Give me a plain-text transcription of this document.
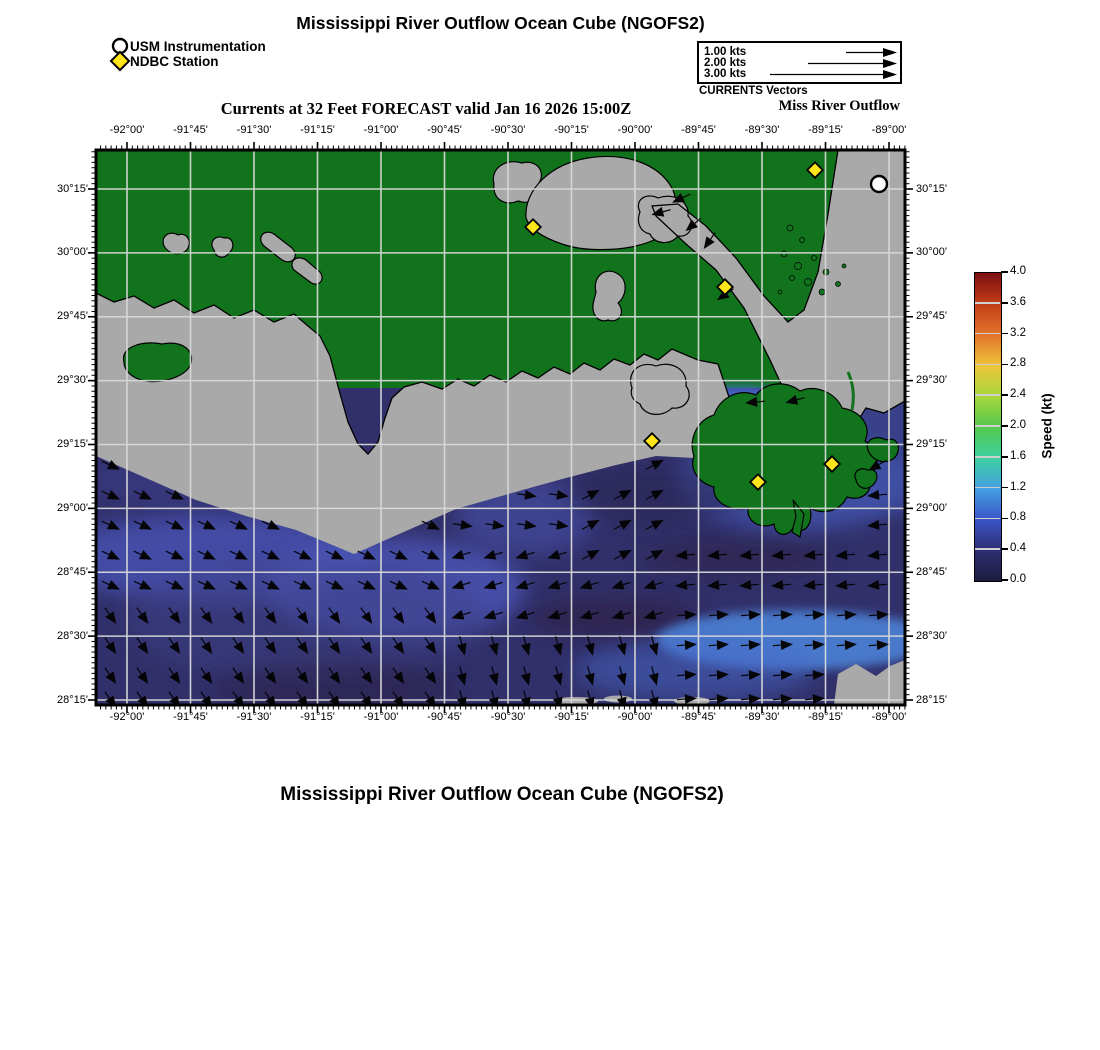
Mississippi River Outflow Ocean Cube (NGOFS2)
USM Instrumentation
NDBC Station
1.00 kts
2.00 kts
3.00 kts
CURRENTS Vectors
Miss River Outflow
Currents at 32 Feet FORECAST valid Jan 16 2026 15:00Z
Speed (kt)
Mississippi River Outflow Ocean Cube (NGOFS2)
-92°00'
-92°00'
-91°45'
-91°45'
-91°30'
-91°30'
-91°15'
-91°15'
-91°00'
-91°00'
-90°45'
-90°45'
-90°30'
-90°30'
-90°15'
-90°15'
-90°00'
-90°00'
-89°45'
-89°45'
-89°30'
-89°30'
-89°15'
-89°15'
-89°00'
-89°00'
30°15'	30°15'
30°00'	30°00'
29°45'	29°45'
29°30'	29°30'
29°15'	29°15'
29°00'	29°00'
28°45'	28°45'
28°30'	28°30'
28°15'	28°15'
4.0
3.6
3.2
2.8
2.4
2.0
1.6
1.2
0.8
0.4
0.0
